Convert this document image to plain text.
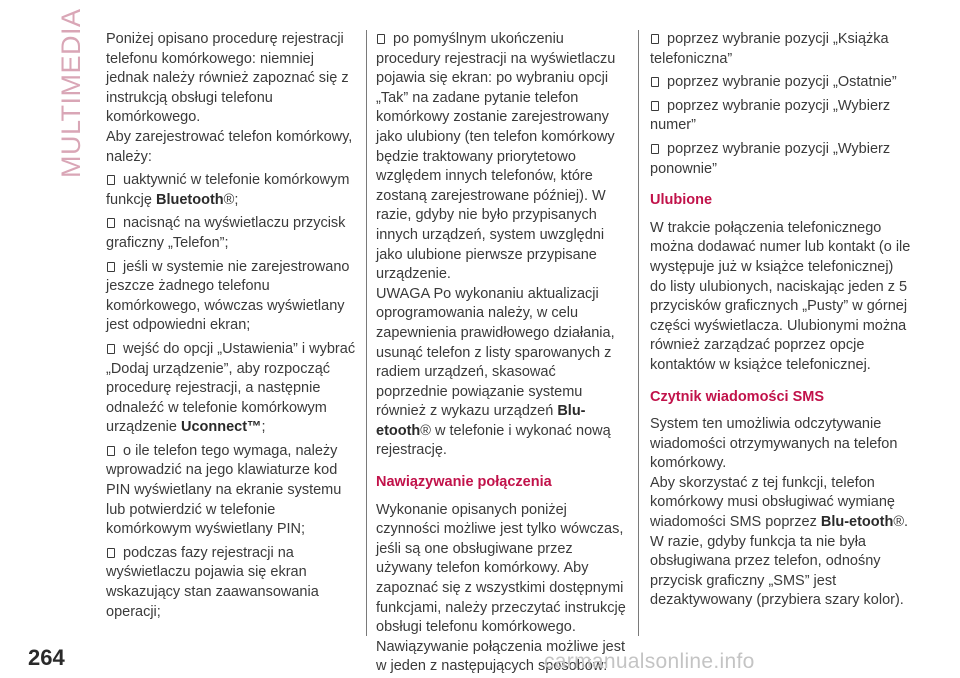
MULTIMEDIA Poniżej opisano procedurę rejestracji telefonu komórkowego: niemniej jednak należy również zapoznać się z instrukcją obsługi telefonu komórkowego.

Aby zarejestrować telefon komórkowy, należy:

uaktywnić w telefonie komórkowym funkcję Bluetooth®;

nacisnąć na wyświetlaczu przycisk graficzny „Telefon”;

jeśli w systemie nie zarejestrowano jeszcze żadnego telefonu komórkowego, wówczas wyświetlany jest odpowiedni ekran;

wejść do opcji „Ustawienia” i wybrać „Dodaj urządzenie”, aby rozpocząć procedurę rejestracji, a następnie odnaleźć w telefonie komórkowym urządzenie Uconnect™;

o ile telefon tego wymaga, należy wprowadzić na jego klawiaturze kod PIN wyświetlany na ekranie systemu lub potwierdzić w telefonie komórkowym wyświetlany PIN;

podczas fazy rejestracji na wyświetlaczu pojawia się ekran wskazujący stan zaawansowania operacji;

po pomyślnym ukończeniu procedury rejestracji na wyświetlaczu pojawia się ekran: po wybraniu opcji „Tak” na zadane pytanie telefon komórkowy zostanie zarejestrowany jako ulubiony (ten telefon komórkowy będzie traktowany priorytetowo względem innych telefonów, które zostaną zarejestrowane później). W razie, gdyby nie było przypisanych innych urządzeń, system uwzględni jako ulubione pierwsze przypisane urządzenie.

UWAGA Po wykonaniu aktualizacji oprogramowania należy, w celu zapewnienia prawidłowego działania, usunąć telefon z listy sparowanych z radiem urządzeń, skasować poprzednie powiązanie systemu również z wykazu urządzeń Blu-etooth® w telefonie i wykonać nową rejestrację.

Nawiązywanie połączenia

Wykonanie opisanych poniżej czynności możliwe jest tylko wówczas, jeśli są one obsługiwane przez używany telefon komórkowy. Aby zapoznać się z wszystkimi dostępnymi funkcjami, należy przeczytać instrukcję obsługi telefonu komórkowego.

Nawiązywanie połączenia możliwe jest w jeden z następujących sposobów:

poprzez wybranie pozycji „Książka telefoniczna”

poprzez wybranie pozycji „Ostatnie”

poprzez wybranie pozycji „Wybierz numer”

poprzez wybranie pozycji „Wybierz ponownie”

Ulubione

W trakcie połączenia telefonicznego można dodawać numer lub kontakt (o ile występuje już w książce telefonicznej) do listy ulubionych, naciskając jeden z 5 przycisków graficznych „Pusty” w górnej części wyświetlacza. Ulubionymi można również zarządzać poprzez opcje kontaktów w książce telefonicznej.

Czytnik wiadomości SMS

System ten umożliwia odczytywanie wiadomości otrzymywanych na telefon komórkowy.

Aby skorzystać z tej funkcji, telefon komórkowy musi obsługiwać wymianę wiadomości SMS poprzez Blu-etooth®.

W razie, gdyby funkcja ta nie była obsługiwana przez telefon, odnośny przycisk graficzny „SMS” jest dezaktywowany (przybiera szary kolor).

264	carmanualsonline.info
